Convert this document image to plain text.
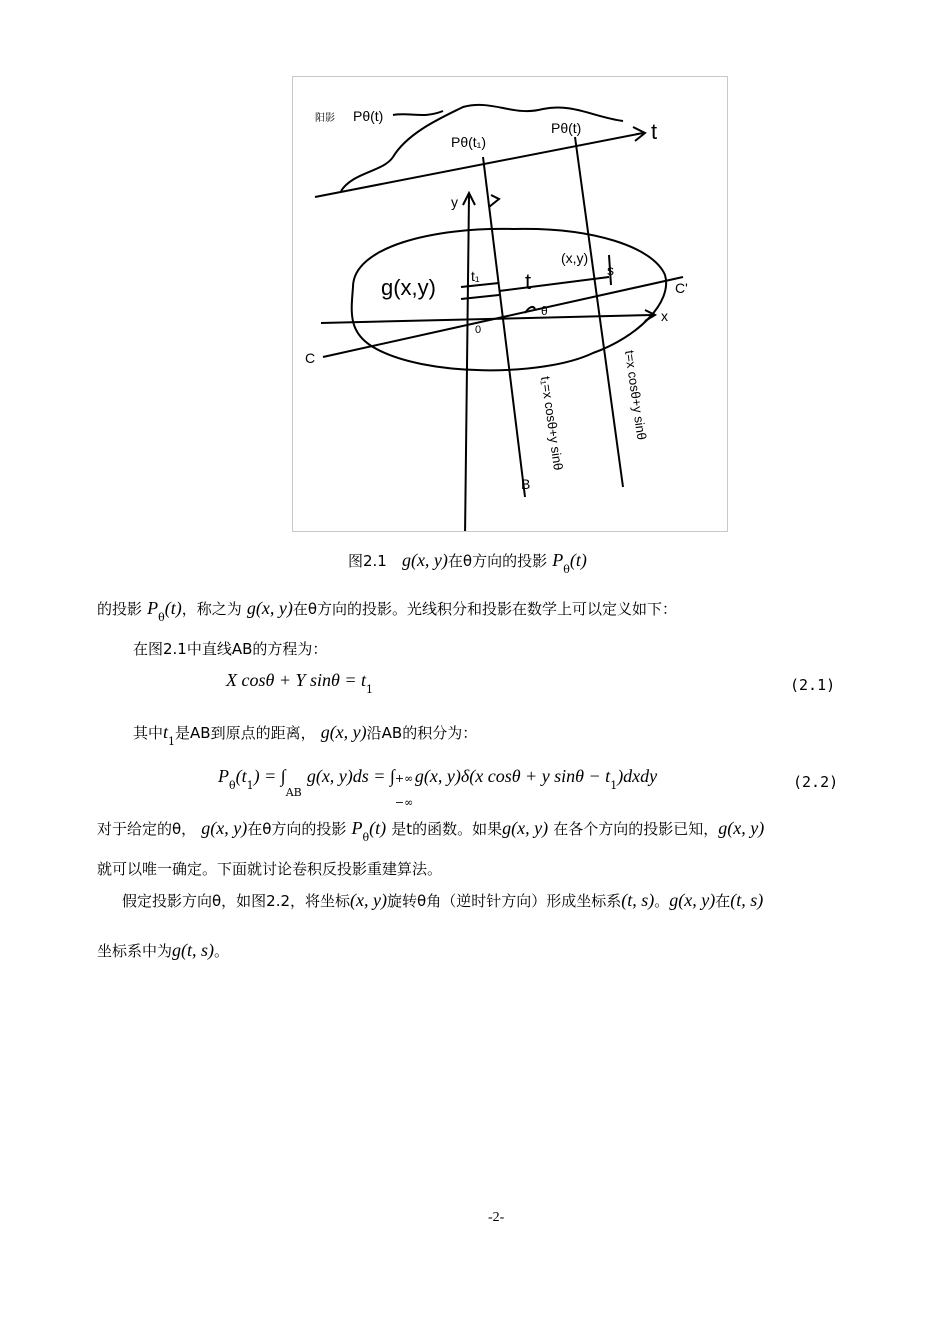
阳影 Pθ(t)
Pθ(t₁)
Pθ(t)	t
y
g(x,y)	t₁ t
(x,y)
s
θ
0
x
C
C'
t₁=x cosθ+y sinθ	t=x cosθ+y sinθ
B
图2.1 g(x, y)在θ方向的投影 $P_\theta(t)$
的投影 $P_\theta(t)$，称之为 g(x, y)在θ方向的投影。光线积分和投影在数学上可以定义如下：
在图2.1中直线AB的方程为：
X cosθ + Y $\sin\theta = t_1$	(2.1)
其中$t_1$是AB到原点的距离， g(x, y)沿AB的积分为：
$P_\theta(t_1) = \int_{AB}$ g(x, y)ds = ∫ +∞
−∞
g(x, y)δ(x cosθ + y $\sin\theta - t_1)dxdy$	(2.2)
对于给定的θ， g(x, y)在θ方向的投影 $P_\theta(t)$ 是t的函数。如果g(x, y) 在各个方向的投影已知，g(x, y)
就可以唯一确定。下面就讨论卷积反投影重建算法。
假定投影方向θ，如图2.2，将坐标(x, y)旋转θ角（逆时针方向）形成坐标系(t, s)。g(x, y)在(t, s)
坐标系中为g(t, s)。
-2-
